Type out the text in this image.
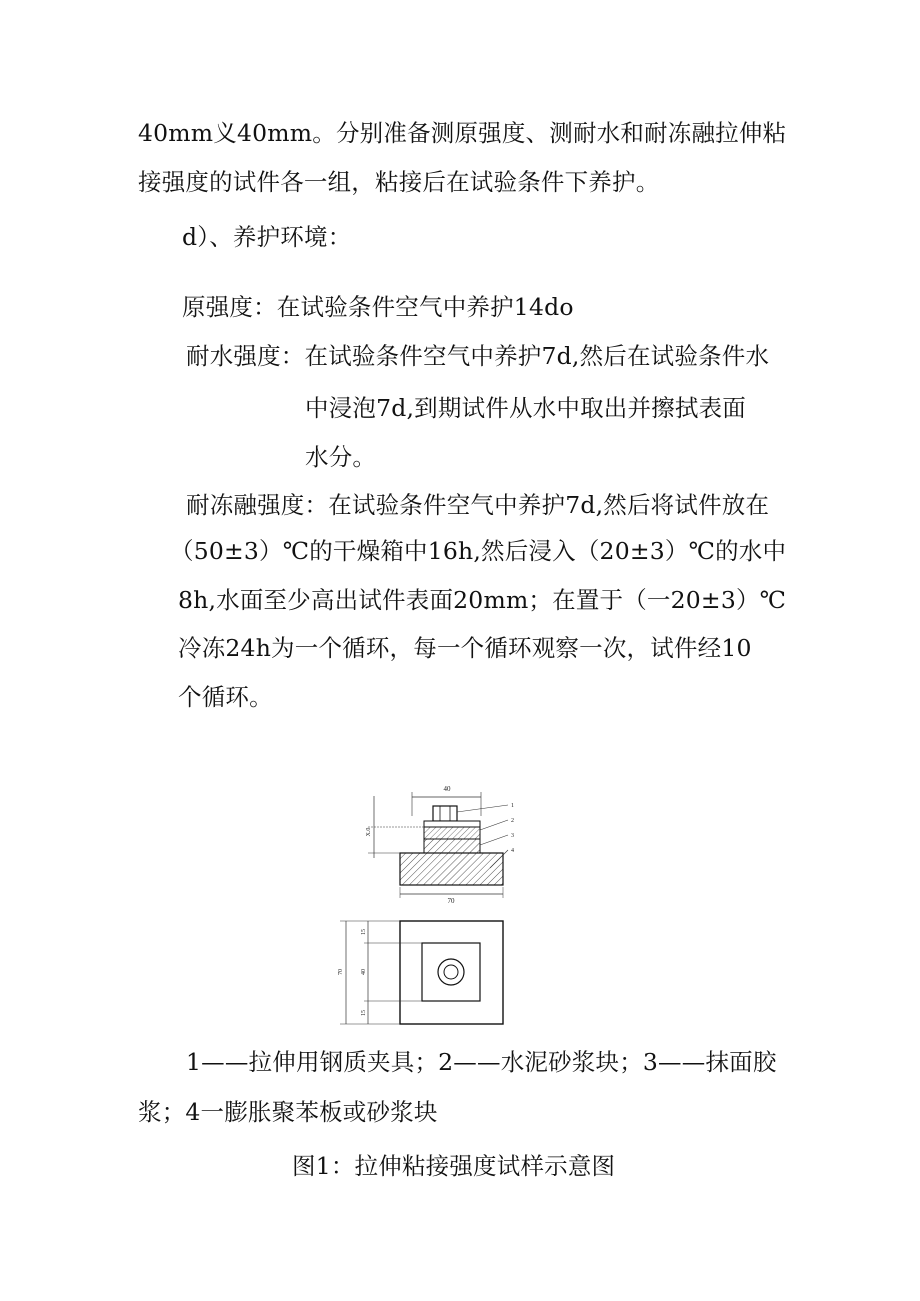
40mm义40mm。分别准备测原强度、测耐水和耐冻融拉伸粘
接强度的试件各一组，粘接后在试验条件下养护。
d）、养护环境：
原强度：在试验条件空气中养护14do
耐水强度：在试验条件空气中养护7d,然后在试验条件水
中浸泡7d,到期试件从水中取出并擦拭表面
水分。
耐冻融强度：在试验条件空气中养护7d,然后将试件放在
（50±3）℃的干燥箱中16h,然后浸入（20±3）℃的水中
8h,水面至少高出试件表面20mm；在置于（一20±3）℃
冷冻24h为一个循环，每一个循环观察一次，试件经10
个循环。
40
X.0
1
2
3
4
70
70
15
40
15
1——拉伸用钢质夹具；2——水泥砂浆块；3——抹面胶
浆；4一膨胀聚苯板或砂浆块
图1：拉伸粘接强度试样示意图
